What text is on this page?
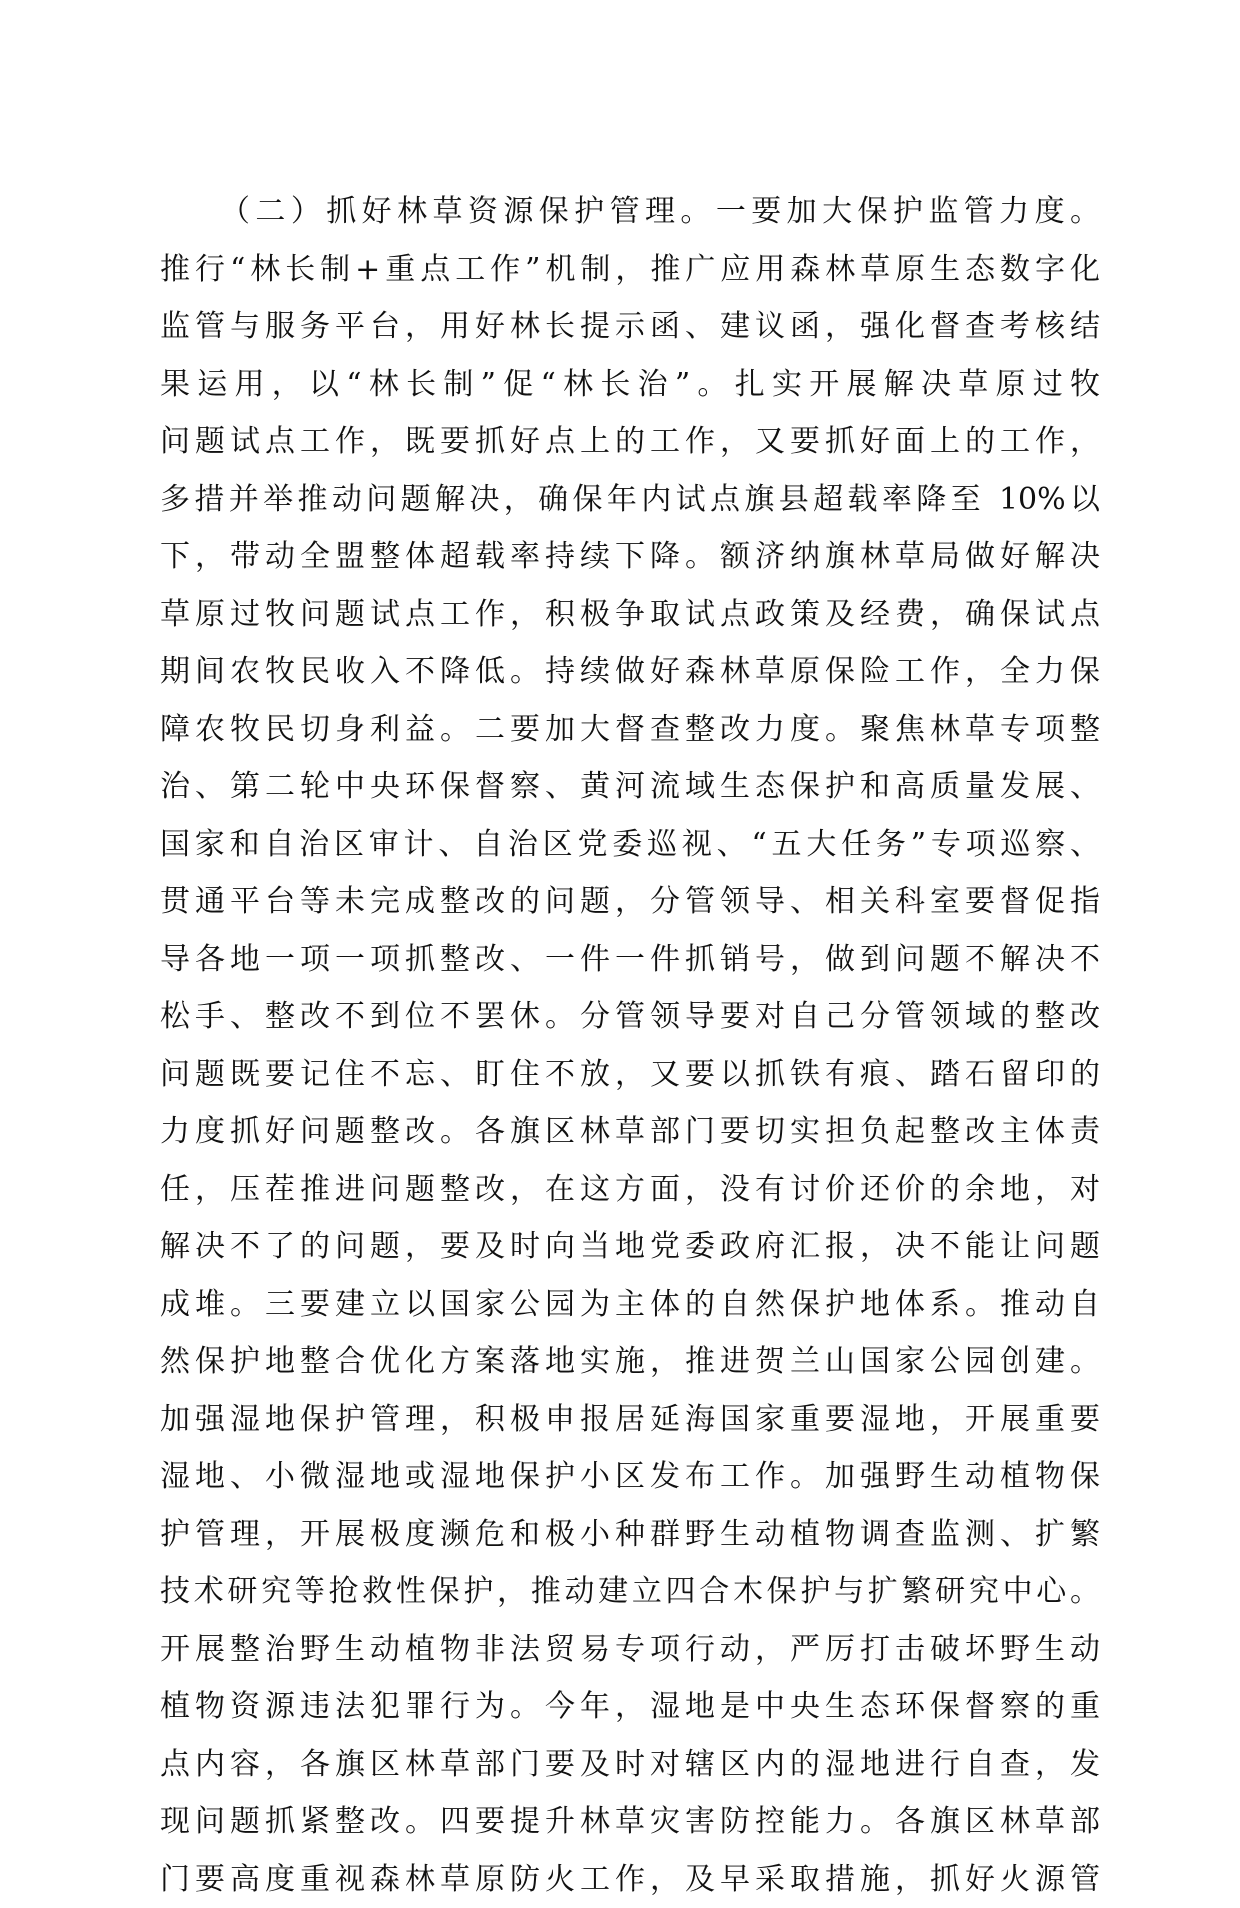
（二）抓好林草资源保护管理。一要加大保护监管力度。
推行“林长制+重点工作”机制，推广应用森林草原生态数字化
监管与服务平台，用好林长提示函、建议函，强化督查考核结
果运用，以“林长制”促“林长治”。扎实开展解决草原过牧
问题试点工作，既要抓好点上的工作，又要抓好面上的工作，
多措并举推动问题解决，确保年内试点旗县超载率降至 10%以
下，带动全盟整体超载率持续下降。额济纳旗林草局做好解决
草原过牧问题试点工作，积极争取试点政策及经费，确保试点
期间农牧民收入不降低。持续做好森林草原保险工作，全力保
障农牧民切身利益。二要加大督查整改力度。聚焦林草专项整
治、第二轮中央环保督察、黄河流域生态保护和高质量发展、
国家和自治区审计、自治区党委巡视、“五大任务”专项巡察、
贯通平台等未完成整改的问题，分管领导、相关科室要督促指
导各地一项一项抓整改、一件一件抓销号，做到问题不解决不
松手、整改不到位不罢休。分管领导要对自己分管领域的整改
问题既要记住不忘、盯住不放，又要以抓铁有痕、踏石留印的
力度抓好问题整改。各旗区林草部门要切实担负起整改主体责
任，压茬推进问题整改，在这方面，没有讨价还价的余地，对
解决不了的问题，要及时向当地党委政府汇报，决不能让问题
成堆。三要建立以国家公园为主体的自然保护地体系。推动自
然保护地整合优化方案落地实施，推进贺兰山国家公园创建。
加强湿地保护管理，积极申报居延海国家重要湿地，开展重要
湿地、小微湿地或湿地保护小区发布工作。加强野生动植物保
护管理，开展极度濒危和极小种群野生动植物调查监测、扩繁
技术研究等抢救性保护，推动建立四合木保护与扩繁研究中心。
开展整治野生动植物非法贸易专项行动，严厉打击破坏野生动
植物资源违法犯罪行为。今年，湿地是中央生态环保督察的重
点内容，各旗区林草部门要及时对辖区内的湿地进行自查，发
现问题抓紧整改。四要提升林草灾害防控能力。各旗区林草部
门要高度重视森林草原防火工作，及早采取措施，抓好火源管
